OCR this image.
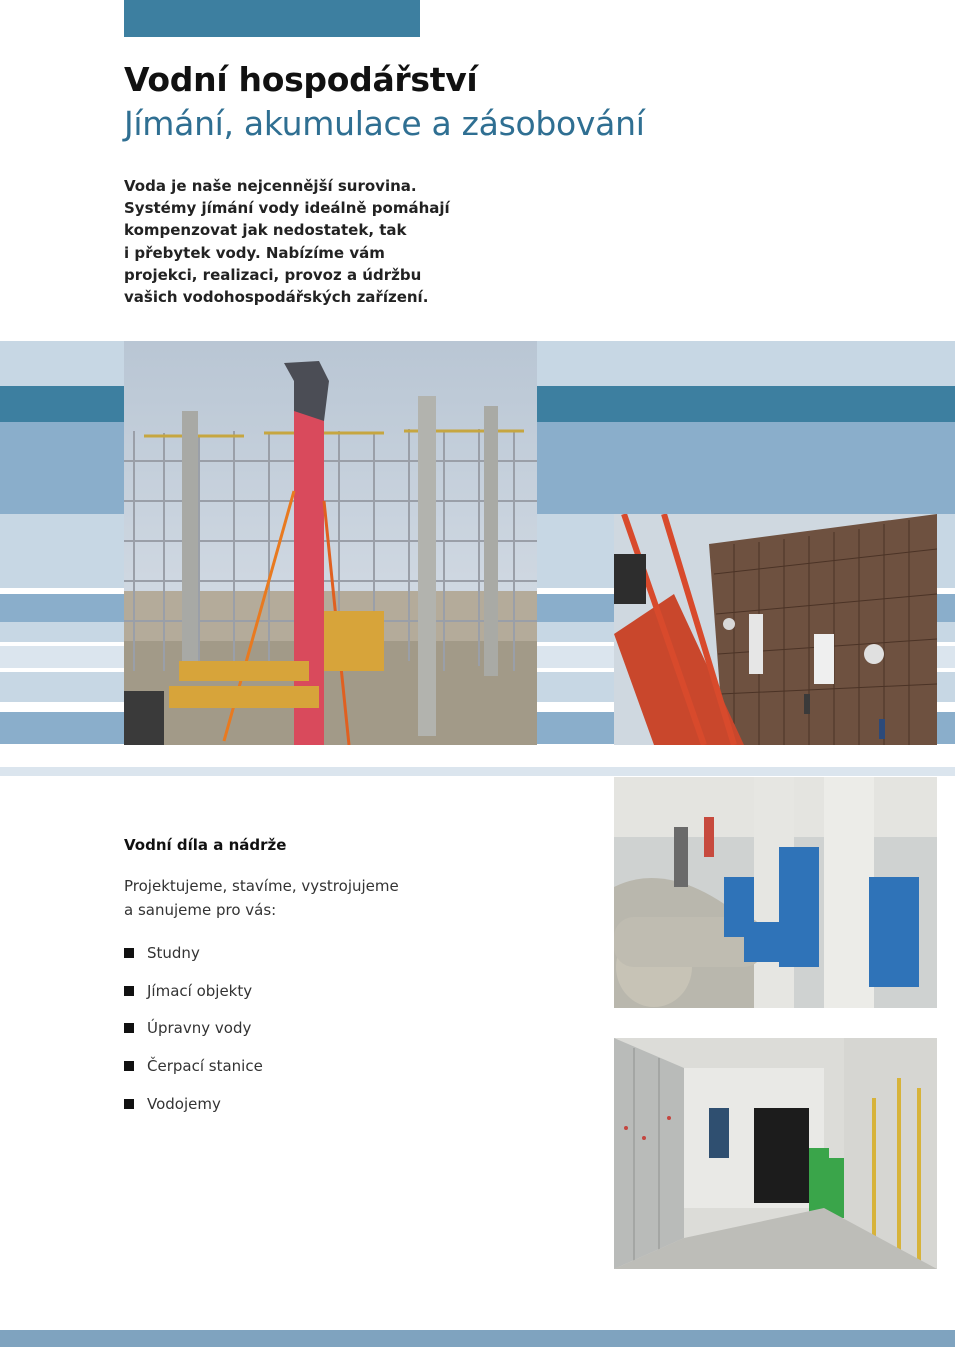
Vodní hospodářství
Jímání, akumulace a zásobování

Voda je naše nejcennější surovina.
Systémy jímání vody ideálně pomáhají
kompenzovat jak nedostatek, tak
i přebytek vody. Nabízíme vám
projekci, realizaci, provoz a údržbu
vašich vodohospodářských zařízení.

Vodní díla a nádrže

Projektujeme, stavíme, vystrojujeme
a sanujeme pro vás:

Studny
Jímací objekty
Úpravny vody
Čerpací stanice
Vodojemy
